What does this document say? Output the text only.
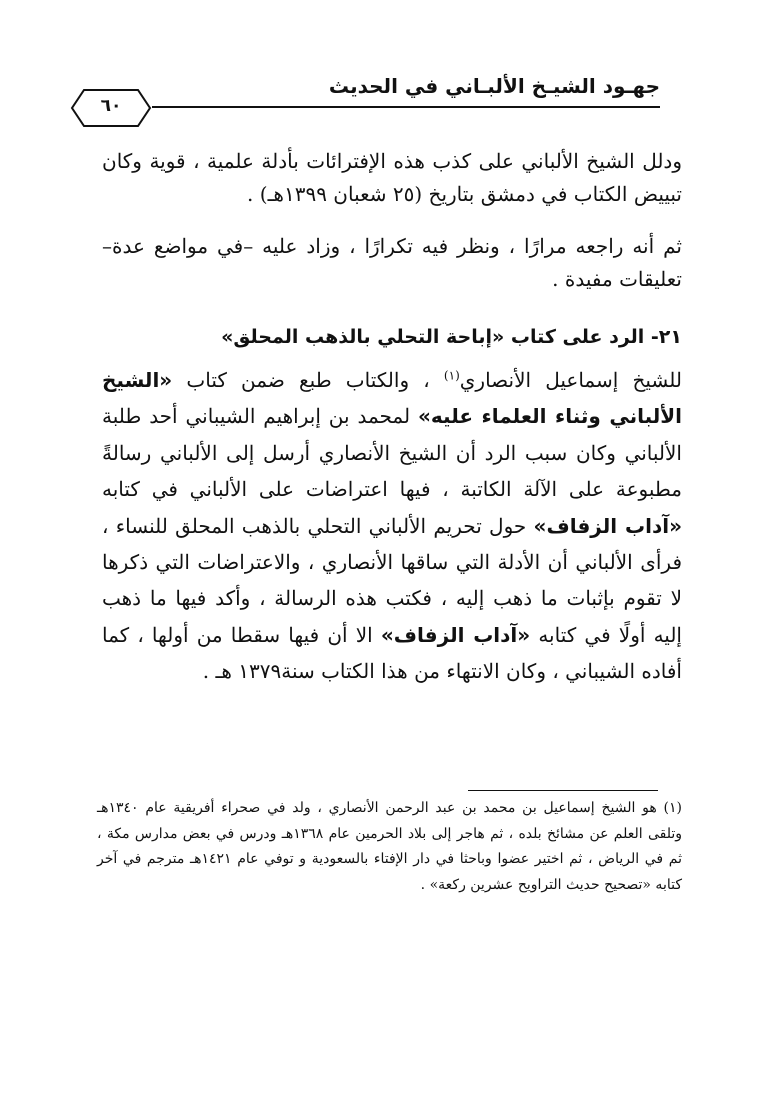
جهـود الشيـخ الألبـاني في الحديث
٦٠
ودلل الشيخ الألباني على كذب هذه الإفترائات بأدلة علمية ، قوية وكان تبييض الكتاب في دمشق بتاريخ (٢٥ شعبان ١٣٩٩هـ) .
ثم أنه راجعه مرارًا ، ونظر فيه تكرارًا ، وزاد عليه –في مواضع عدة– تعليقات مفيدة .
٢١- الرد على كتاب «إباحة التحلي بالذهب المحلق»
للشيخ إسماعيل الأنصاري$^{(١)}$ ، والكتاب طبع ضمن كتاب «الشيخ الألباني وثناء العلماء عليه» لمحمد بن إبراهيم الشيباني أحد طلبة الألباني وكان سبب الرد أن الشيخ الأنصاري أرسل إلى الألباني رسالةً مطبوعة على الآلة الكاتبة ، فيها اعتراضات على الألباني في كتابه «آداب الزفاف» حول تحريم الألباني التحلي بالذهب المحلق للنساء ، فرأى الألباني أن الأدلة التي ساقها الأنصاري ، والاعتراضات التي ذكرها لا تقوم بإثبات ما ذهب إليه ، فكتب هذه الرسالة ، وأكد فيها ما ذهب إليه أولًا في كتابه «آداب الزفاف» الا أن فيها سقطا من أولها ، كما أفاده الشيباني ، وكان الانتهاء من هذا الكتاب سنة١٣٧٩ هـ .
(١) هو الشيخ إسماعيل بن محمد بن عبد الرحمن الأنصاري ، ولد في صحراء أفريقية عام ١٣٤٠هـ وتلقى العلم عن مشائخ بلده ، ثم هاجر إلى بلاد الحرمين عام ١٣٦٨هـ ودرس في بعض مدارس مكة ، ثم في الرياض ، ثم اختير عضوا وباحثا في دار الإفتاء بالسعودية و توفي عام ١٤٢١هـ مترجم في آخر كتابه «تصحيح حديث التراويح عشرين ركعة» .
